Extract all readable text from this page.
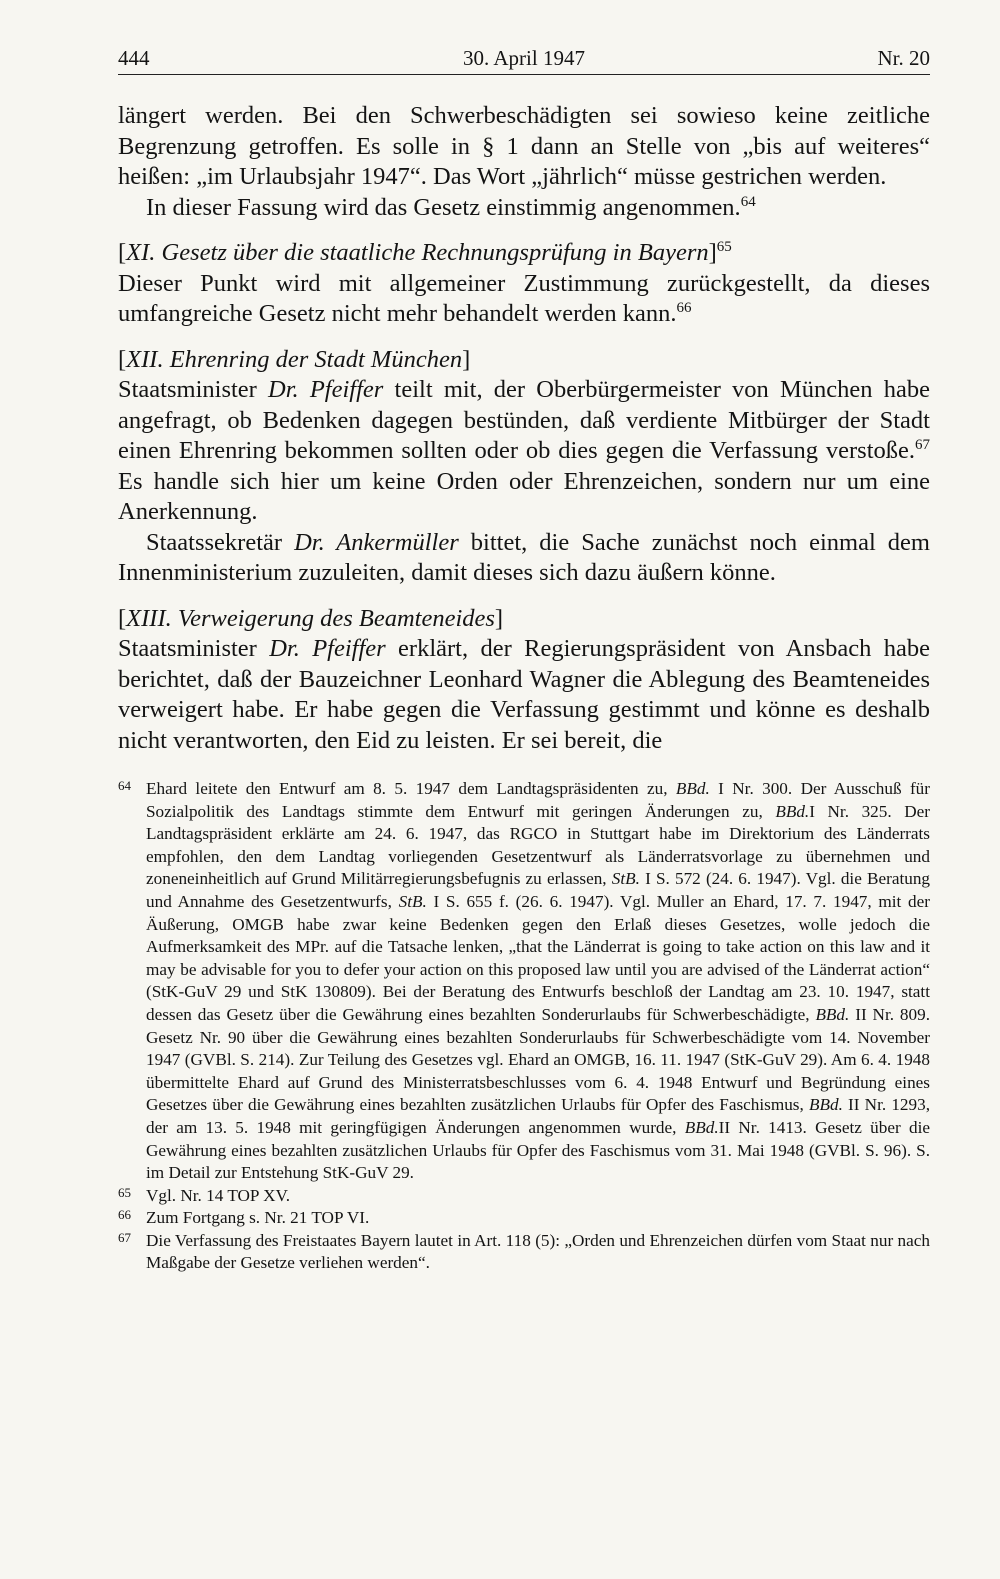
444	30. April 1947	Nr. 20

längert werden. Bei den Schwerbeschädigten sei sowieso keine zeitliche Begrenzung getroffen. Es solle in § 1 dann an Stelle von „bis auf weiteres“ heißen: „im Urlaubsjahr 1947“. Das Wort „jährlich“ müsse gestrichen werden.

In dieser Fassung wird das Gesetz einstimmig angenommen.$^{64}$

[XI. Gesetz über die staatliche Rechnungsprüfung in Bayern]$^{65}$

Dieser Punkt wird mit allgemeiner Zustimmung zurückgestellt, da dieses umfangreiche Gesetz nicht mehr behandelt werden kann.$^{66}$

[XII. Ehrenring der Stadt München]

Staatsminister Dr. Pfeiffer teilt mit, der Oberbürgermeister von München habe angefragt, ob Bedenken dagegen bestünden, daß verdiente Mitbürger der Stadt einen Ehrenring bekommen sollten oder ob dies gegen die Verfassung verstoße.$^{67}$ Es handle sich hier um keine Orden oder Ehrenzeichen, sondern nur um eine Anerkennung.

Staatssekretär Dr. Ankermüller bittet, die Sache zunächst noch einmal dem Innenministerium zuzuleiten, damit dieses sich dazu äußern könne.

[XIII. Verweigerung des Beamteneides]

Staatsminister Dr. Pfeiffer erklärt, der Regierungspräsident von Ansbach habe berichtet, daß der Bauzeichner Leonhard Wagner die Ablegung des Beamteneides verweigert habe. Er habe gegen die Verfassung gestimmt und könne es deshalb nicht verantworten, den Eid zu leisten. Er sei bereit, die

64 Ehard leitete den Entwurf am 8. 5. 1947 dem Landtagspräsidenten zu, BBd. I Nr. 300. Der Ausschuß für Sozialpolitik des Landtags stimmte dem Entwurf mit geringen Änderungen zu, BBd.I Nr. 325. Der Landtagspräsident erklärte am 24. 6. 1947, das RGCO in Stuttgart habe im Direktorium des Länderrats empfohlen, den dem Landtag vorliegenden Gesetzentwurf als Länderratsvorlage zu übernehmen und zoneneinheitlich auf Grund Militärregierungsbefugnis zu erlassen, StB. I S. 572 (24. 6. 1947). Vgl. die Beratung und Annahme des Gesetzentwurfs, StB. I S. 655 f. (26. 6. 1947). Vgl. Muller an Ehard, 17. 7. 1947, mit der Äußerung, OMGB habe zwar keine Bedenken gegen den Erlaß dieses Gesetzes, wolle jedoch die Aufmerksamkeit des MPr. auf die Tatsache lenken, „that the Länderrat is going to take action on this law and it may be advisable for you to defer your action on this proposed law until you are advised of the Länderrat action“ (StK-GuV 29 und StK 130809). Bei der Beratung des Entwurfs beschloß der Landtag am 23. 10. 1947, statt dessen das Gesetz über die Gewährung eines bezahlten Sonderurlaubs für Schwerbeschädigte, BBd. II Nr. 809. Gesetz Nr. 90 über die Gewährung eines bezahlten Sonderurlaubs für Schwerbeschädigte vom 14. November 1947 (GVBl. S. 214). Zur Teilung des Gesetzes vgl. Ehard an OMGB, 16. 11. 1947 (StK-GuV 29). Am 6. 4. 1948 übermittelte Ehard auf Grund des Ministerratsbeschlusses vom 6. 4. 1948 Entwurf und Begründung eines Gesetzes über die Gewährung eines bezahlten zusätzlichen Urlaubs für Opfer des Faschismus, BBd. II Nr. 1293, der am 13. 5. 1948 mit geringfügigen Änderungen angenommen wurde, BBd.II Nr. 1413. Gesetz über die Gewährung eines bezahlten zusätzlichen Urlaubs für Opfer des Faschismus vom 31. Mai 1948 (GVBl. S. 96). S. im Detail zur Entstehung StK-GuV 29.
65 Vgl. Nr. 14 TOP XV.
66 Zum Fortgang s. Nr. 21 TOP VI.
67 Die Verfassung des Freistaates Bayern lautet in Art. 118 (5): „Orden und Ehrenzeichen dürfen vom Staat nur nach Maßgabe der Gesetze verliehen werden“.
